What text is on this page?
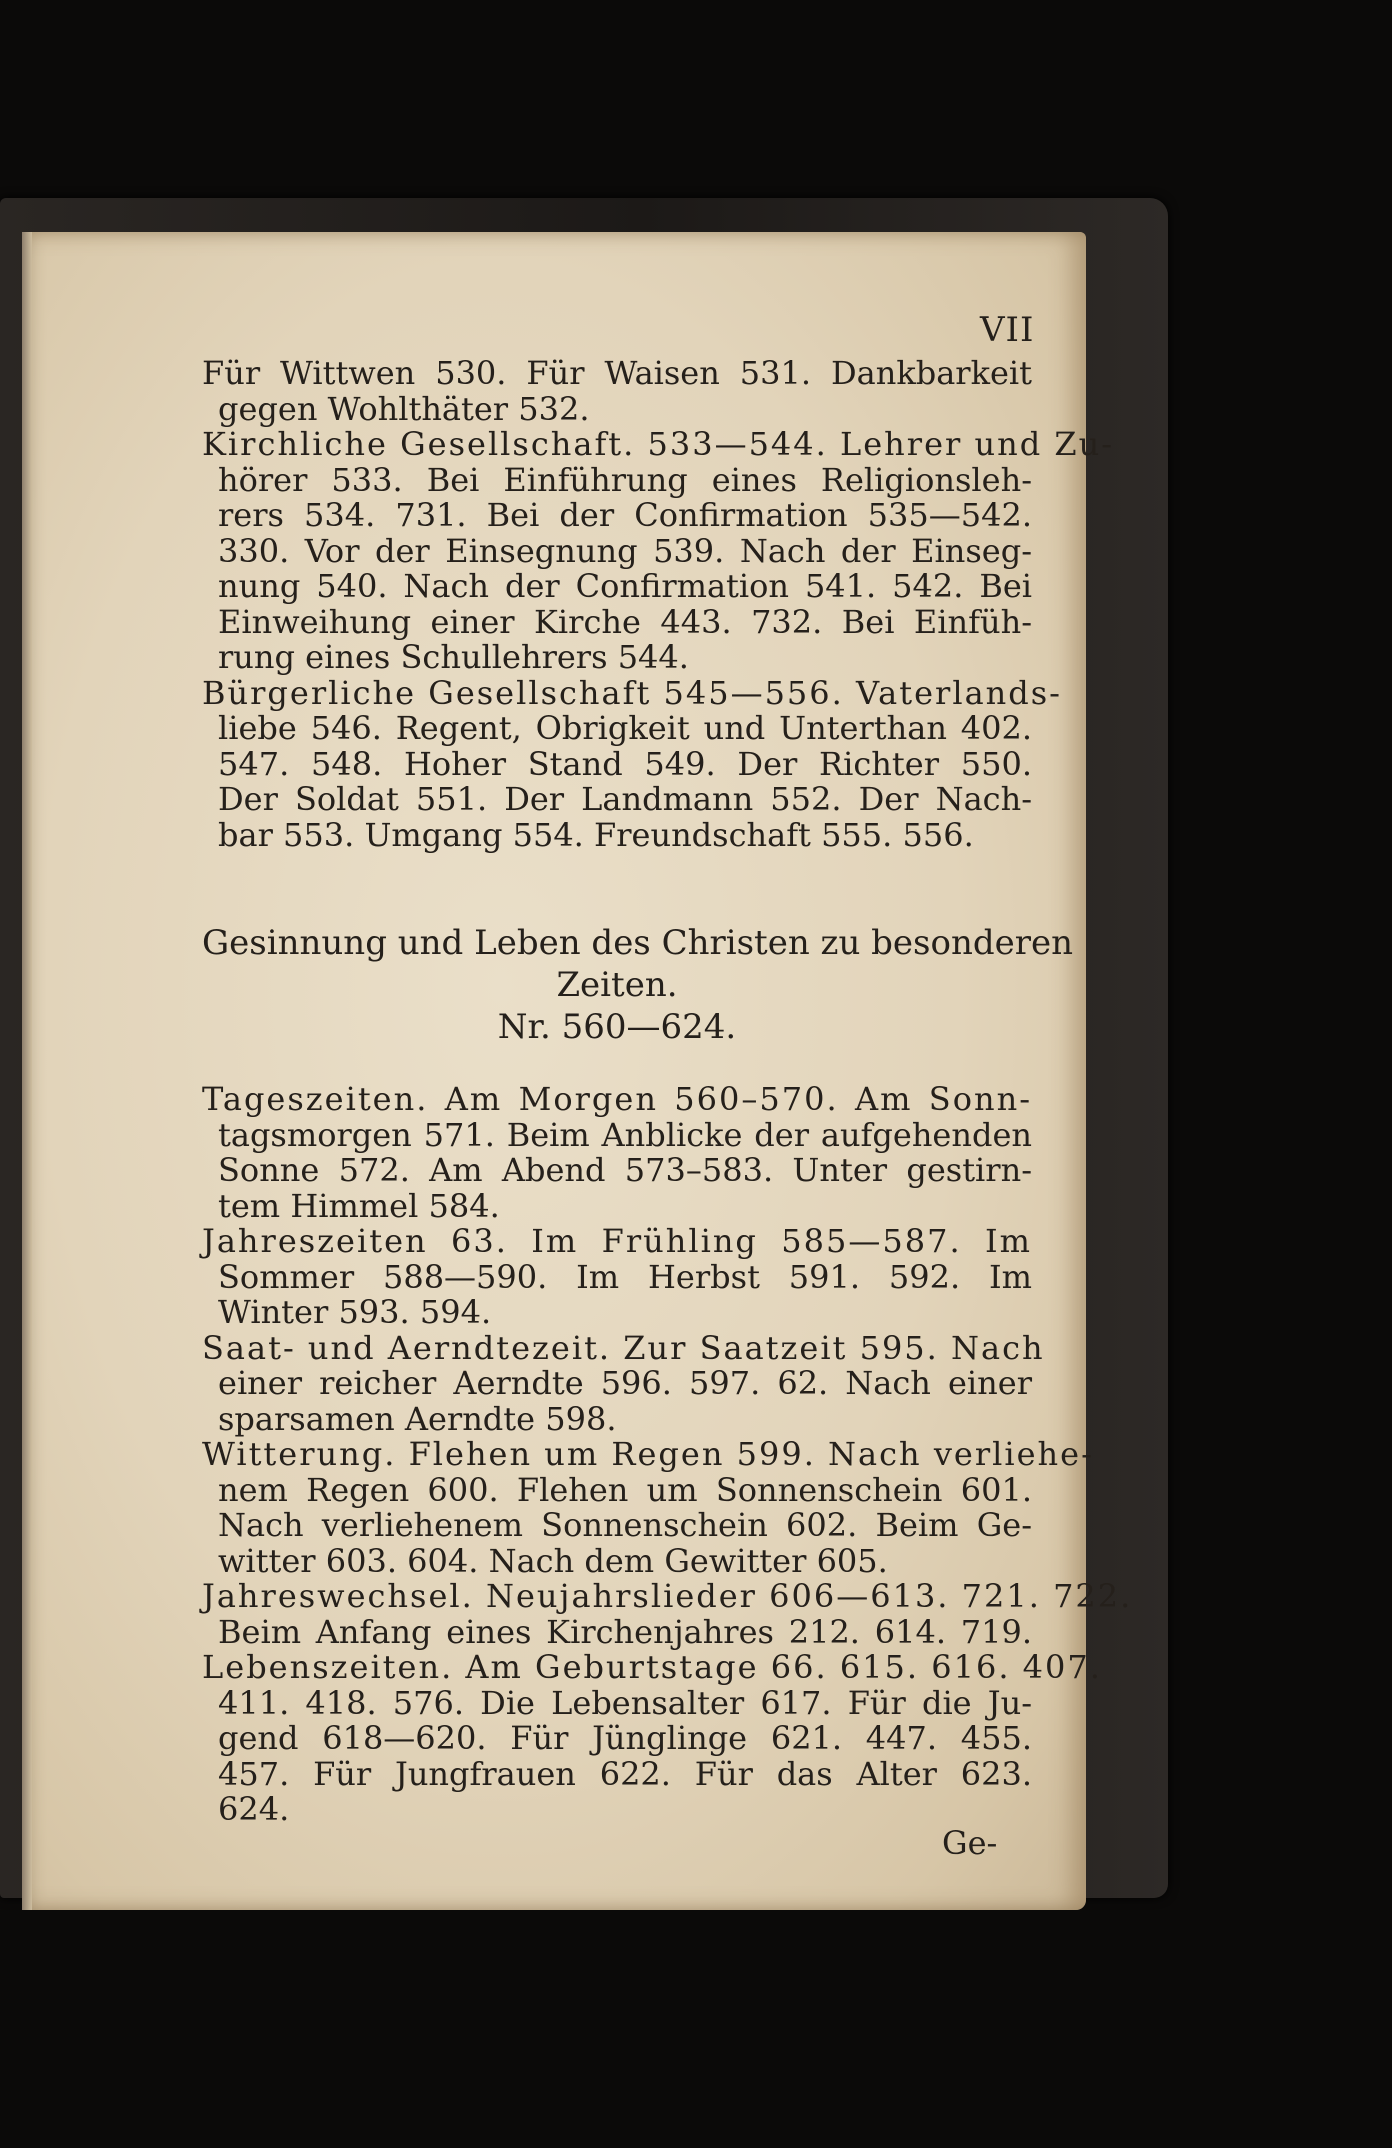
VII
Für Wittwen 530. Für Waisen 531. Dankbarkeit
gegen Wohlthäter 532.
Kirchliche Gesellschaft. 533—544. Lehrer und Zu‐
hörer 533. Bei Einführung eines Religionsleh‐
rers 534. 731. Bei der Confirmation 535—542.
330. Vor der Einsegnung 539. Nach der Einseg‐
nung 540. Nach der Confirmation 541. 542. Bei
Einweihung einer Kirche 443. 732. Bei Einfüh‐
rung eines Schullehrers 544.
Bürgerliche Gesellschaft 545—556. Vaterlands‐
liebe 546. Regent, Obrigkeit und Unterthan 402.
547. 548. Hoher Stand 549. Der Richter 550.
Der Soldat 551. Der Landmann 552. Der Nach‐
bar 553. Umgang 554. Freundschaft 555. 556.
Gesinnung und Leben des Christen zu besonderen
Zeiten.
Nr. 560—624.
Tageszeiten. Am Morgen 560–570. Am Sonn‐
tagsmorgen 571. Beim Anblicke der aufgehenden
Sonne 572. Am Abend 573–583. Unter gestirn‐
tem Himmel 584.
Jahreszeiten 63. Im Frühling 585—587. Im
Sommer 588—590. Im Herbst 591. 592. Im
Winter 593. 594.
Saat- und Aerndtezeit. Zur Saatzeit 595. Nach
einer reicher Aerndte 596. 597. 62. Nach einer
sparsamen Aerndte 598.
Witterung. Flehen um Regen 599. Nach verliehe‐
nem Regen 600. Flehen um Sonnenschein 601.
Nach verliehenem Sonnenschein 602. Beim Ge‐
witter 603. 604. Nach dem Gewitter 605.
Jahreswechsel. Neujahrslieder 606—613. 721. 722.
Beim Anfang eines Kirchenjahres 212. 614. 719.
Lebenszeiten. Am Geburtstage 66. 615. 616. 407.
411. 418. 576. Die Lebensalter 617. Für die Ju‐
gend 618—620. Für Jünglinge 621. 447. 455.
457. Für Jungfrauen 622. Für das Alter 623.
624.
Ge‐
